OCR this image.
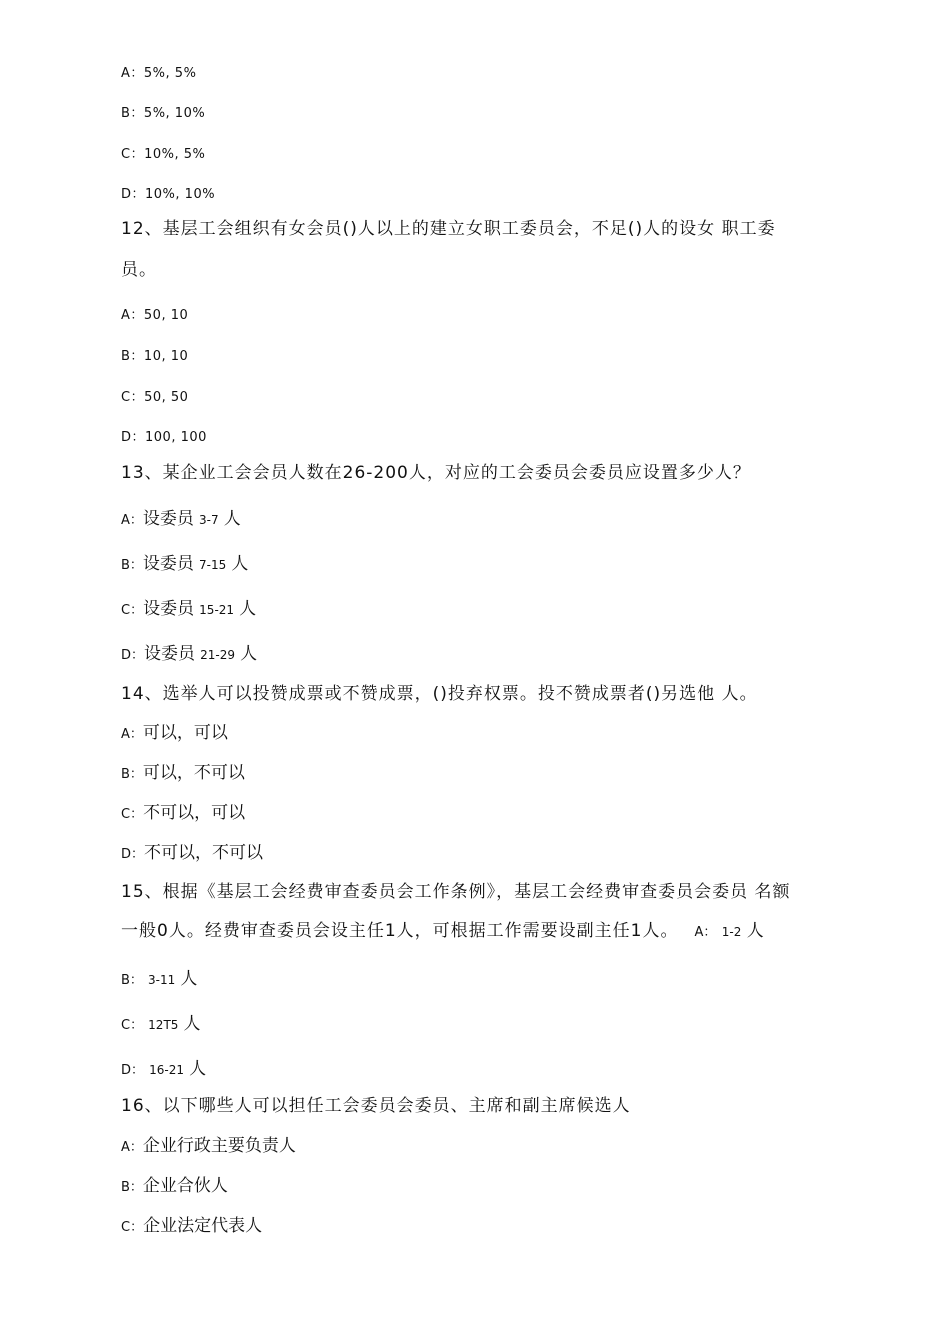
A：5%, 5%
B：5%, 10%
C：10%, 5%
D：10%, 10%
12、基层工会组织有女会员()人以上的建立女职工委员会，不足()人的设女 职工委
员。
A：50, 10
B：10, 10
C：50, 50
D：100, 100
13、某企业工会会员人数在26-200人，对应的工会委员会委员应设置多少人？
A：设委员 3-7 人
B：设委员 7-15 人
C：设委员 15-21 人
D：设委员 21-29 人
14、选举人可以投赞成票或不赞成票，()投弃权票。投不赞成票者()另选他 人。
A：可以，可以
B：可以，不可以
C：不可以，可以
D：不可以，不可以
15、根据《基层工会经费审查委员会工作条例》，基层工会经费审查委员会委员 名额
一般0人。经费审查委员会设主任1人，可根据工作需要设副主任1人。 A： 1-2 人
B： 3-11 人
C： 12T5 人
D： 16-21 人
16、以下哪些人可以担任工会委员会委员、主席和副主席候选人
A：企业行政主要负责人
B：企业合伙人
C：企业法定代表人
